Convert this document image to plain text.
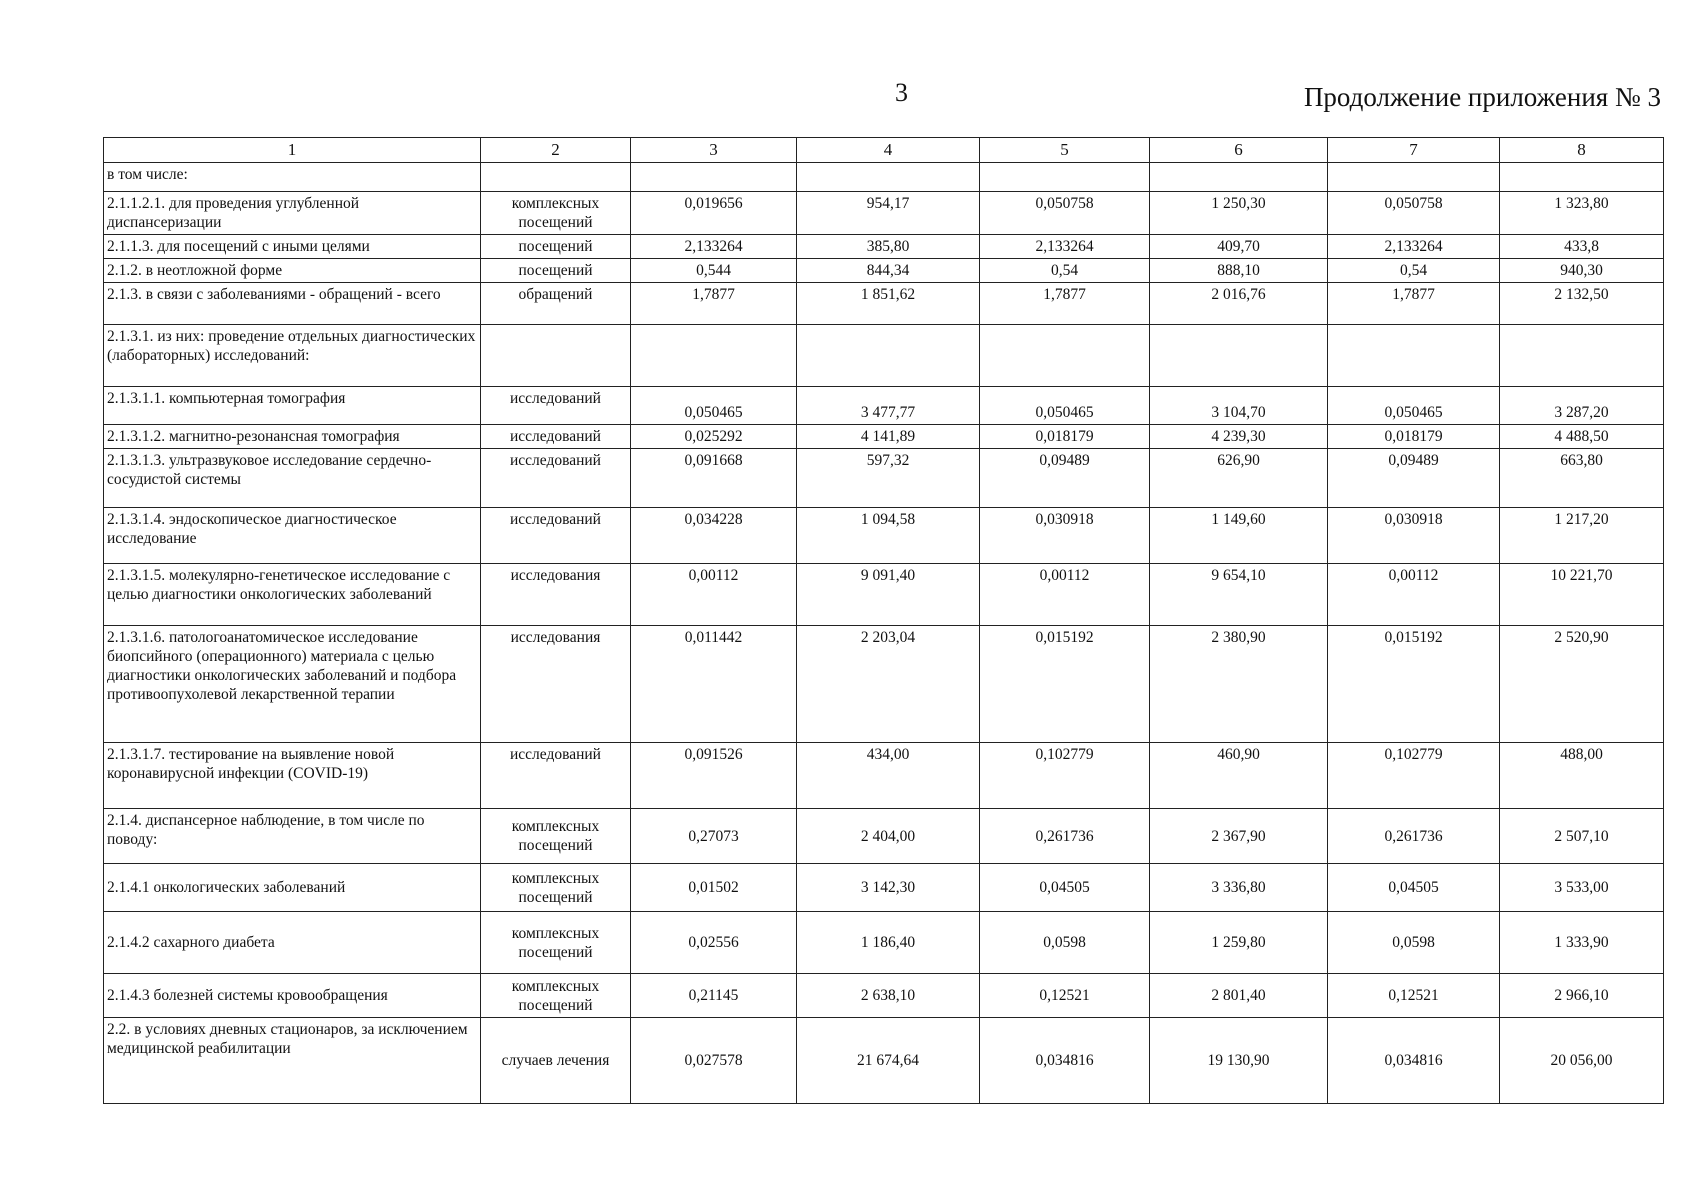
3	Продолжение приложения № 3
1	2	3	4	5	6	7	8
в том числе:							
2.1.1.2.1. для проведения углубленной диспансеризации	комплексных посещений	0,019656	954,17	0,050758	1 250,30	0,050758	1 323,80
2.1.1.3. для посещений с иными целями	посещений	2,133264	385,80	2,133264	409,70	2,133264	433,8
2.1.2. в неотложной форме	посещений	0,544	844,34	0,54	888,10	0,54	940,30
2.1.3. в связи с заболеваниями - обращений - всего	обращений	1,7877	1 851,62	1,7877	2 016,76	1,7877	2 132,50
2.1.3.1. из них: проведение отдельных диагностических (лабораторных) исследований:							
2.1.3.1.1. компьютерная томография	исследований	0,050465	3 477,77	0,050465	3 104,70	0,050465	3 287,20
2.1.3.1.2. магнитно-резонансная томография	исследований	0,025292	4 141,89	0,018179	4 239,30	0,018179	4 488,50
2.1.3.1.3. ультразвуковое исследование сердечно-сосудистой системы	исследований	0,091668	597,32	0,09489	626,90	0,09489	663,80
2.1.3.1.4. эндоскопическое диагностическое исследование	исследований	0,034228	1 094,58	0,030918	1 149,60	0,030918	1 217,20
2.1.3.1.5. молекулярно-генетическое исследование с целью диагностики онкологических заболеваний	исследования	0,00112	9 091,40	0,00112	9 654,10	0,00112	10 221,70
2.1.3.1.6. патологоанатомическое исследование биопсийного (операционного) материала с целью диагностики онкологических заболеваний и подбора противоопухолевой лекарственной терапии	исследования	0,011442	2 203,04	0,015192	2 380,90	0,015192	2 520,90
2.1.3.1.7. тестирование на выявление новой коронавирусной инфекции (COVID-19)	исследований	0,091526	434,00	0,102779	460,90	0,102779	488,00
2.1.4. диспансерное наблюдение, в том числе по поводу:	комплексных посещений	0,27073	2 404,00	0,261736	2 367,90	0,261736	2 507,10
2.1.4.1 онкологических заболеваний	комплексных посещений	0,01502	3 142,30	0,04505	3 336,80	0,04505	3 533,00
2.1.4.2 сахарного диабета	комплексных посещений	0,02556	1 186,40	0,0598	1 259,80	0,0598	1 333,90
2.1.4.3 болезней системы кровообращения	комплексных посещений	0,21145	2 638,10	0,12521	2 801,40	0,12521	2 966,10
2.2. в условиях дневных стационаров, за исключением медицинской реабилитации	случаев лечения	0,027578	21 674,64	0,034816	19 130,90	0,034816	20 056,00
